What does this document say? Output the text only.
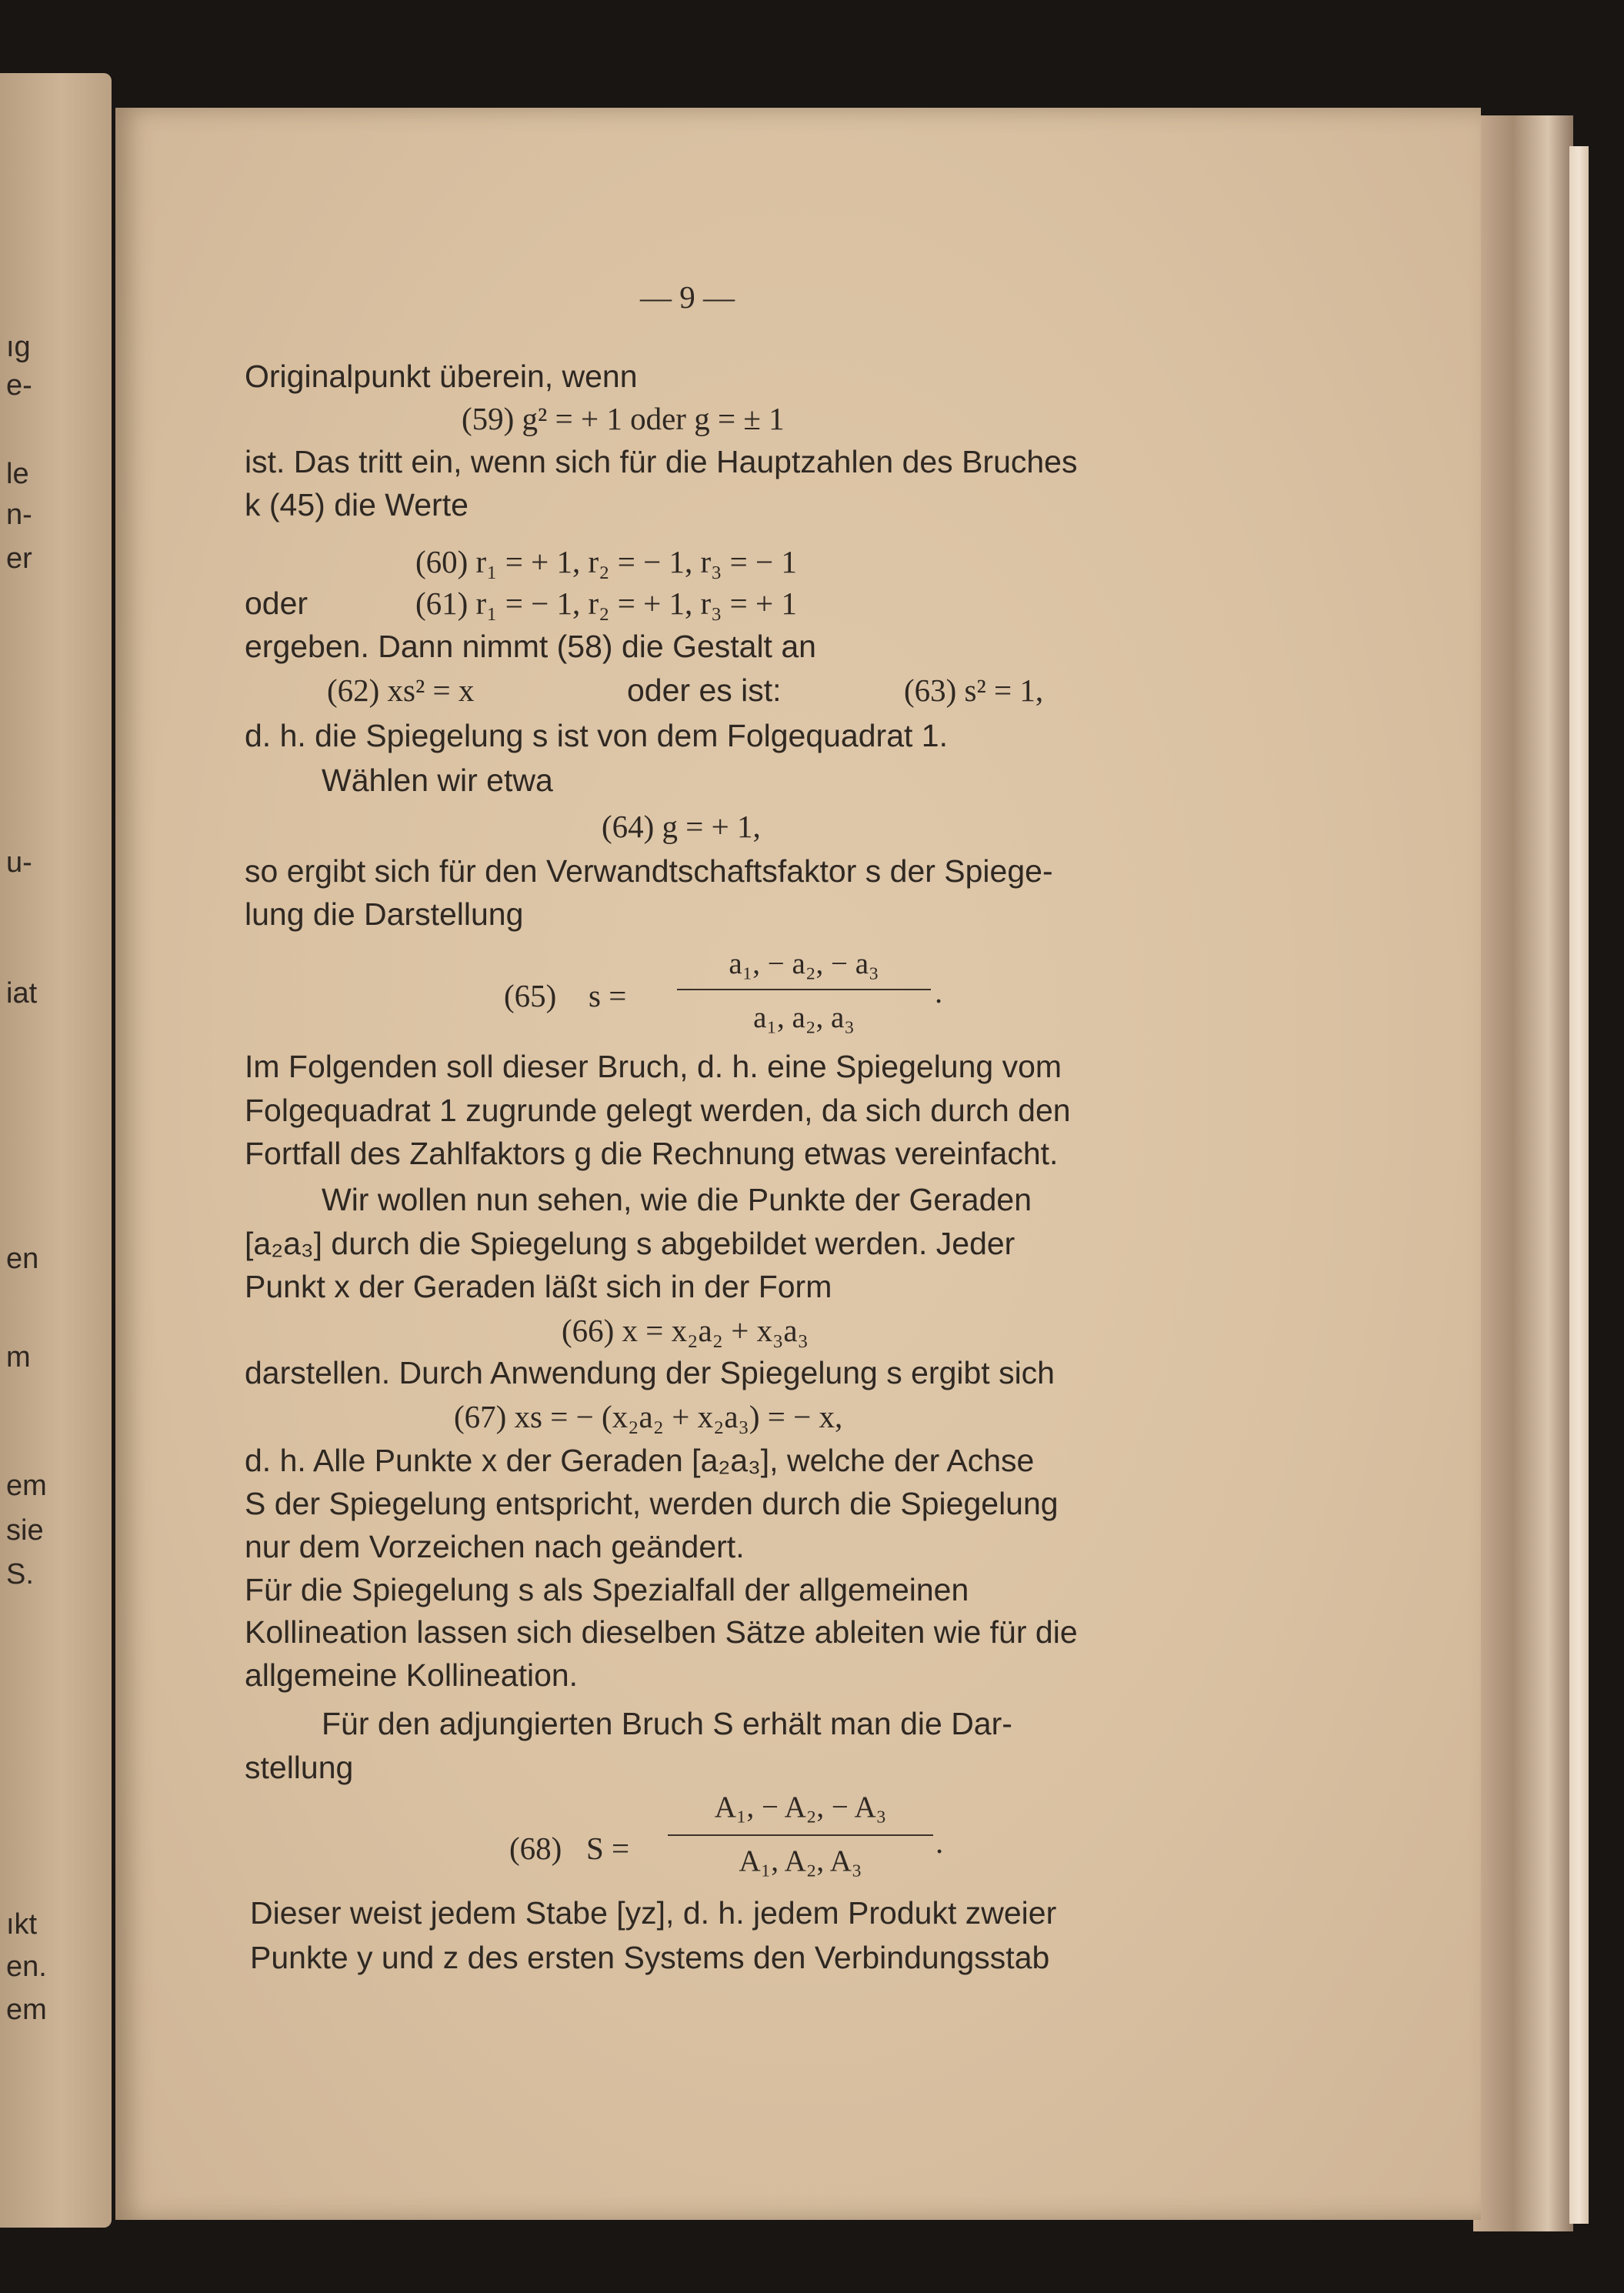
ıg
e-
le
n-
er
u-
iat
en
m
em
sie
S.
ıkt
en.
em
— 9 —
Originalpunkt überein, wenn
(59) g² = + 1 oder g = ± 1
ist. Das tritt ein, wenn sich für die Hauptzahlen des Bruches
k (45) die Werte
(60) r₁ = + 1, r₂ = − 1, r₃ = − 1
oder	(61) r₁ = − 1, r₂ = + 1, r₃ = + 1
ergeben. Dann nimmt (58) die Gestalt an
(62) xs² = x	oder es ist:	(63) s² = 1,
d. h. die Spiegelung s ist von dem Folgequadrat 1.
Wählen wir etwa
(64) g = + 1,
so ergibt sich für den Verwandtschaftsfaktor s der Spiege-
lung die Darstellung
(65) s =
a₁, − a₂, − a₃
a₁, a₂, a₃
.
Im Folgenden soll dieser Bruch, d. h. eine Spiegelung vom
Folgequadrat 1 zugrunde gelegt werden, da sich durch den
Fortfall des Zahlfaktors g die Rechnung etwas vereinfacht.
Wir wollen nun sehen, wie die Punkte der Geraden
[a₂a₃] durch die Spiegelung s abgebildet werden. Jeder
Punkt x der Geraden läßt sich in der Form
(66) x = x₂a₂ + x₃a₃
darstellen. Durch Anwendung der Spiegelung s ergibt sich
(67) xs = − (x₂a₂ + x₂a₃) = − x,
d. h. Alle Punkte x der Geraden [a₂a₃], welche der Achse
S der Spiegelung entspricht, werden durch die Spiegelung
nur dem Vorzeichen nach geändert.
Für die Spiegelung s als Spezialfall der allgemeinen
Kollineation lassen sich dieselben Sätze ableiten wie für die
allgemeine Kollineation.
Für den adjungierten Bruch S erhält man die Dar-
stellung
(68) S =
A₁, − A₂, − A₃
A₁, A₂, A₃
.
Dieser weist jedem Stabe [yz], d. h. jedem Produkt zweier
Punkte y und z des ersten Systems den Verbindungsstab
